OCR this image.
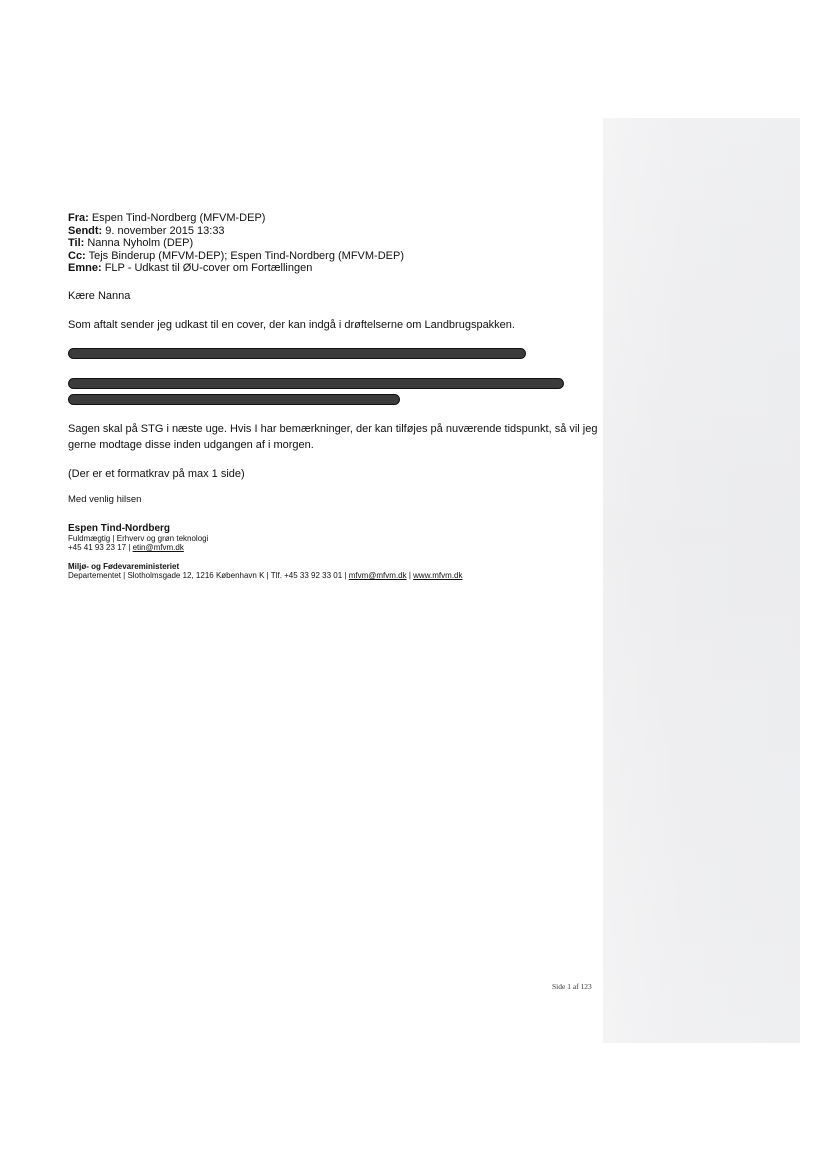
Fra: Espen Tind-Nordberg (MFVM-DEP)
Sendt: 9. november 2015 13:33
Til: Nanna Nyholm (DEP)
Cc: Tejs Binderup (MFVM-DEP); Espen Tind-Nordberg (MFVM-DEP)
Emne: FLP - Udkast til ØU-cover om Fortællingen
Kære Nanna
Som aftalt sender jeg udkast til en cover, der kan indgå i drøftelserne om Landbrugspakken.
Sagen skal på STG i næste uge. Hvis I har bemærkninger, der kan tilføjes på nuværende tidspunkt, så vil jeg gerne modtage disse inden udgangen af i morgen.
(Der er et formatkrav på max 1 side)
Med venlig hilsen
Espen Tind-Nordberg
Fuldmægtig | Erhverv og grøn teknologi
+45 41 93 23 17 | etin@mfvm.dk
Miljø- og Fødevareministeriet
Departementet | Slotholmsgade 12, 1216 København K | Tlf. +45 33 92 33 01 | mfvm@mfvm.dk | www.mfvm.dk
Side 1 af 123
